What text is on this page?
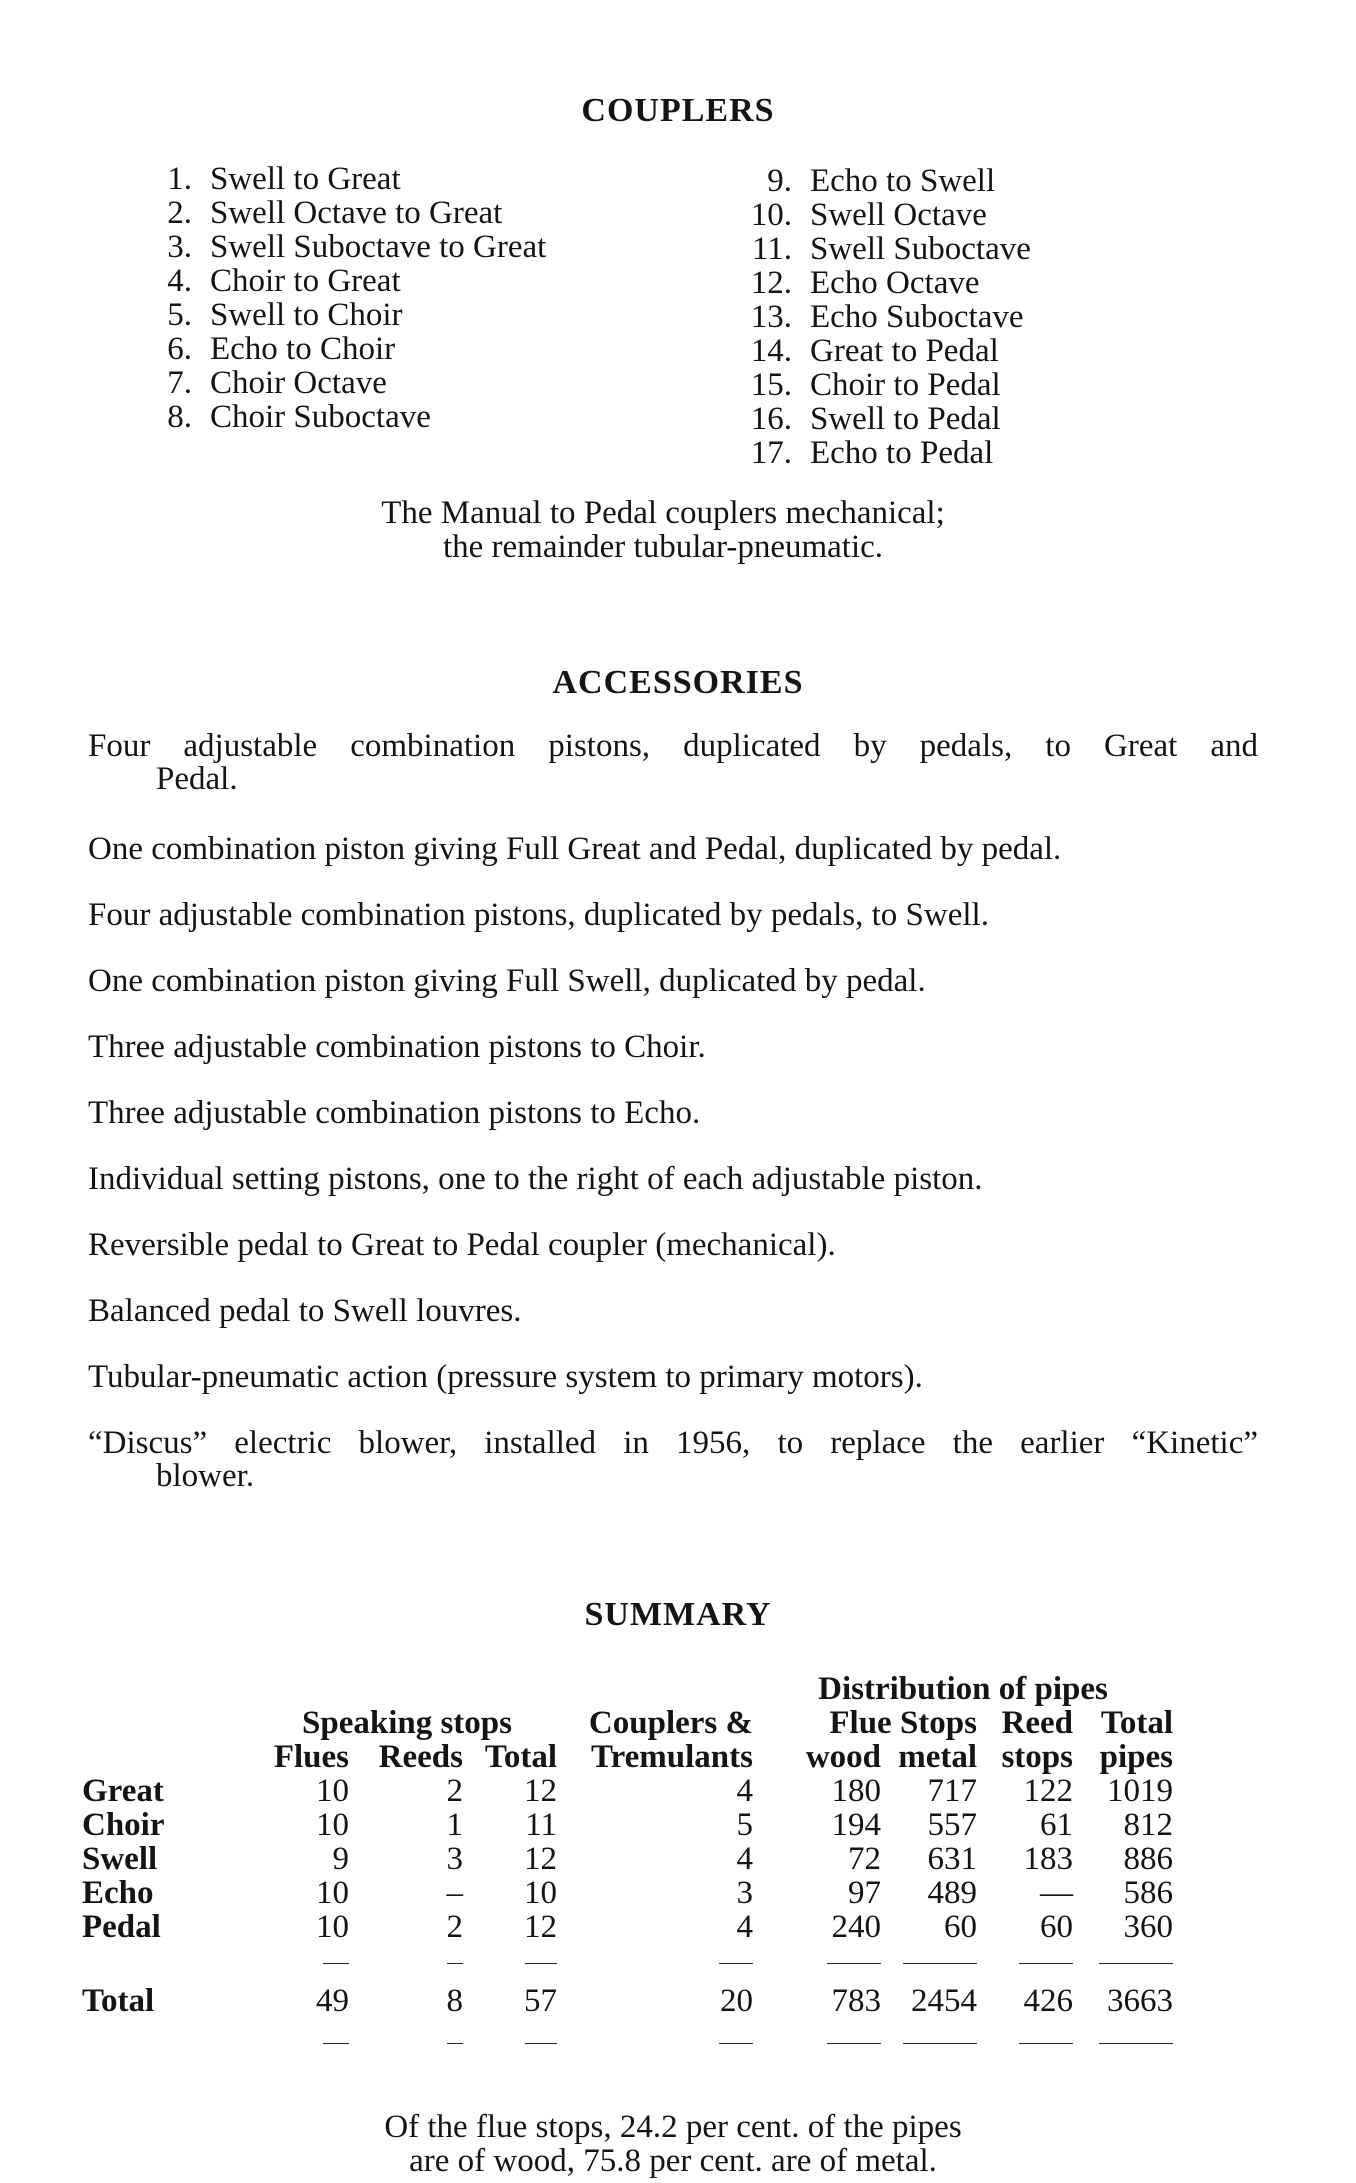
COUPLERS
1. Swell to Great
2. Swell Octave to Great
3. Swell Suboctave to Great
4. Choir to Great
5. Swell to Choir
6. Echo to Choir
7. Choir Octave
8. Choir Suboctave
9. Echo to Swell
10. Swell Octave
11. Swell Suboctave
12. Echo Octave
13. Echo Suboctave
14. Great to Pedal
15. Choir to Pedal
16. Swell to Pedal
17. Echo to Pedal
The Manual to Pedal couplers mechanical;
the remainder tubular-pneumatic.
ACCESSORIES
Four adjustable combination pistons, duplicated by pedals, to Great and
Pedal.
One combination piston giving Full Great and Pedal, duplicated by pedal.
Four adjustable combination pistons, duplicated by pedals, to Swell.
One combination piston giving Full Swell, duplicated by pedal.
Three adjustable combination pistons to Choir.
Three adjustable combination pistons to Echo.
Individual setting pistons, one to the right of each adjustable piston.
Reversible pedal to Great to Pedal coupler (mechanical).
Balanced pedal to Swell louvres.
Tubular-pneumatic action (pressure system to primary motors).
“Discus” electric blower, installed in 1956, to replace the earlier “Kinetic”
blower.
SUMMARY
					Distribution of pipes			
	Speaking stops			Couplers &	Flue Stops		Reed	Total
	Flues	Reeds	Total	Tremulants	wood	metal	stops	pipes
Great	10	2	12	4	180	717	122	1019
Choir	10	1	11	5	194	557	61	812
Swell	9	3	12	4	72	631	183	886
Echo	10	–	10	3	97	489	—	586
Pedal	10	2	12	4	240	60	60	360

Total	49	8	57	20	783	2454	426	3663

Of the flue stops, 24.2 per cent. of the pipes
are of wood, 75.8 per cent. are of metal.
